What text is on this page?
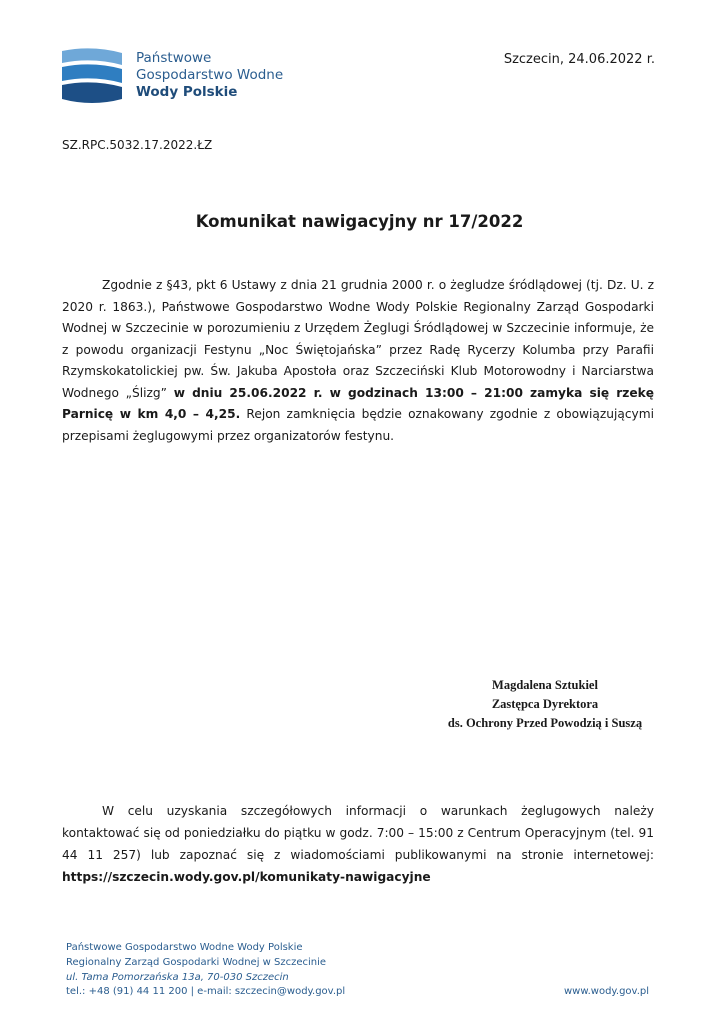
Państwowe
Gospodarstwo Wodne
Wody Polskie
Szczecin, 24.06.2022 r.
SZ.RPC.5032.17.2022.ŁZ
Komunikat nawigacyjny nr 17/2022
Zgodnie z §43, pkt 6 Ustawy z dnia 21 grudnia 2000 r. o żegludze śródlądowej (tj. Dz. U. z 2020 r. 1863.), Państwowe Gospodarstwo Wodne Wody Polskie Regionalny Zarząd Gospodarki Wodnej w Szczecinie w porozumieniu z Urzędem Żeglugi Śródlądowej w Szczecinie informuje, że z powodu organizacji Festynu „Noc Świętojańska” przez Radę Rycerzy Kolumba przy Parafii Rzymskokatolickiej pw. Św. Jakuba Apostoła oraz Szczeciński Klub Motorowodny i Narciarstwa Wodnego „Ślizg” w dniu 25.06.2022 r. w godzinach 13:00 – 21:00 zamyka się rzekę Parnicę w km 4,0 – 4,25. Rejon zamknięcia będzie oznakowany zgodnie z obowiązującymi przepisami żeglugowymi przez organizatorów festynu.
Magdalena Sztukiel
Zastępca Dyrektora
ds. Ochrony Przed Powodzią i Suszą
W celu uzyskania szczegółowych informacji o warunkach żeglugowych należy kontaktować się od poniedziałku do piątku w godz. 7:00 – 15:00 z Centrum Operacyjnym (tel. 91 44 11 257) lub zapoznać się z wiadomościami publikowanymi na stronie internetowej: https://szczecin.wody.gov.pl/komunikaty-nawigacyjne
Państwowe Gospodarstwo Wodne Wody Polskie
Regionalny Zarząd Gospodarki Wodnej w Szczecinie
ul. Tama Pomorzańska 13a, 70-030 Szczecin
tel.: +48 (91) 44 11 200 | e-mail: szczecin@wody.gov.pl	www.wody.gov.pl
